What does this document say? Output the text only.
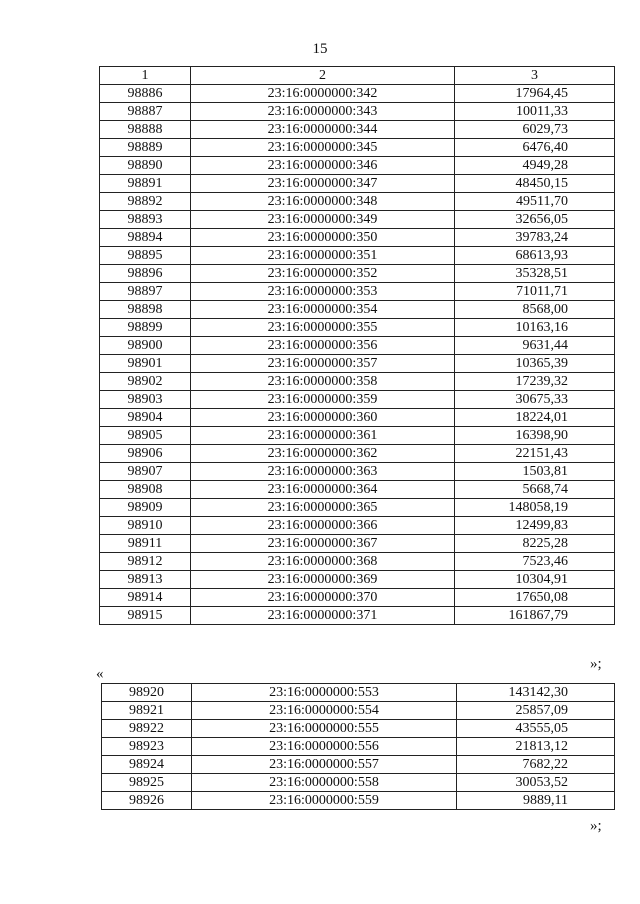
15
1	2	3
98886	23:16:0000000:342	17964,45
98887	23:16:0000000:343	10011,33
98888	23:16:0000000:344	6029,73
98889	23:16:0000000:345	6476,40
98890	23:16:0000000:346	4949,28
98891	23:16:0000000:347	48450,15
98892	23:16:0000000:348	49511,70
98893	23:16:0000000:349	32656,05
98894	23:16:0000000:350	39783,24
98895	23:16:0000000:351	68613,93
98896	23:16:0000000:352	35328,51
98897	23:16:0000000:353	71011,71
98898	23:16:0000000:354	8568,00
98899	23:16:0000000:355	10163,16
98900	23:16:0000000:356	9631,44
98901	23:16:0000000:357	10365,39
98902	23:16:0000000:358	17239,32
98903	23:16:0000000:359	30675,33
98904	23:16:0000000:360	18224,01
98905	23:16:0000000:361	16398,90
98906	23:16:0000000:362	22151,43
98907	23:16:0000000:363	1503,81
98908	23:16:0000000:364	5668,74
98909	23:16:0000000:365	148058,19
98910	23:16:0000000:366	12499,83
98911	23:16:0000000:367	8225,28
98912	23:16:0000000:368	7523,46
98913	23:16:0000000:369	10304,91
98914	23:16:0000000:370	17650,08
98915	23:16:0000000:371	161867,79
»;
«
98920	23:16:0000000:553	143142,30
98921	23:16:0000000:554	25857,09
98922	23:16:0000000:555	43555,05
98923	23:16:0000000:556	21813,12
98924	23:16:0000000:557	7682,22
98925	23:16:0000000:558	30053,52
98926	23:16:0000000:559	9889,11
»;
